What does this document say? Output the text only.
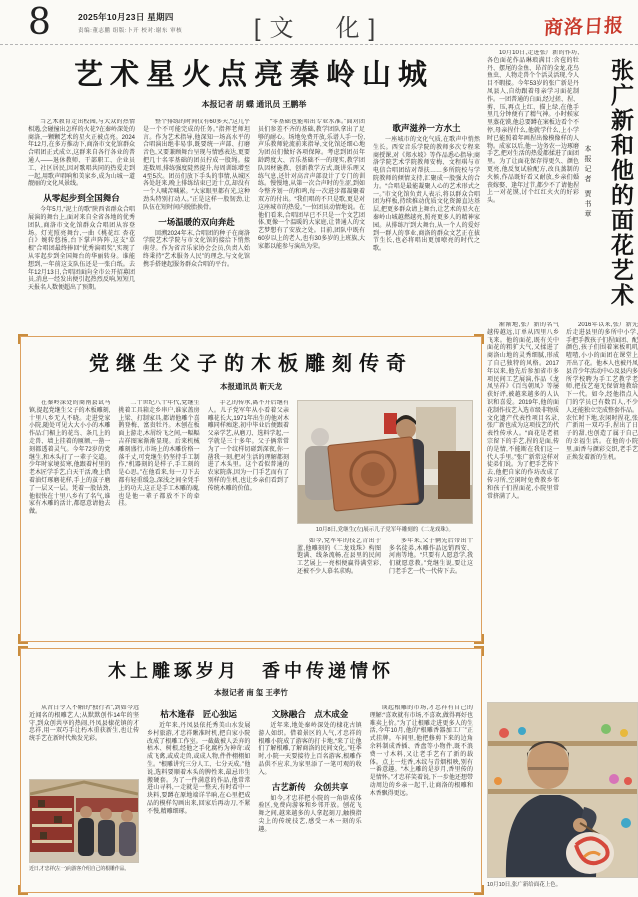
8	2025年10月23日 星期四
责编:董志鹏 组版:卜开 校对:谢东 审核	[文　化]	商洛日报
艺术星火点亮秦岭山城
本报记者 胡 蝶 通讯员 王鹏举

当艺术教育走出校园,与大众的热情相遇,会碰撞出怎样的火花?在秦岭深处的商洛,一颗颗艺术的星火正被点亮。2024年12月,在多方推动下,商洛市文化馆群众合唱团正式成立,这群来自各行各业的普通人——退休教师、干部职工、企业员工、社区居民,因对歌唱共同的热爱走到一起,用歌声唱响和美家乡,成为山城一道靓丽的文化风景线。

从零起步到全国舞台

今年5月,“泥土的歌”陕西省群众合唱展演的舞台上,面对来自全省各地的优秀团队,商洛市文化馆群众合唱团从容登场。灯光照亮舞台,一曲《桃花红 杏花白》婉转悠扬,台下掌声阵阵,这支“草根”合唱团最终捧回“优秀演唱奖”,实现了从零起步到全国舞台的华丽转身。谁能想到,一年前这支队伍还是一张白纸。去年12月13日,合唱团面向全市公开招募团员,消息一经发出便引起热烈反响,短短几天报名人数便超出了预期。

整个排练的时间仅有60多天,“这几乎是一个不可能完成的任务。”指挥老师坦言。作为艺术指导,他深知一场高水平的合唱演出绝非易事,既要统一声部、打磨音色,又要兼顾舞台呈现与情感表达,更要把几十名零基础的团员拧成一股绳。接连数周,排练强度陡然提升,每周训练增至4至5次。团员们放下手头的事情,从城区各处赶来,晚上排练结束已近十点,却没有一个人喊苦喊累。“大家眼里都有光,这种劲头特别打动人。”正是这样一股韧劲,让队伍在短时间内脱胎换骨。

一场温暖的双向奔赴

回溯2024年末,合唱团的种子在商洛学院艺术学院与市文化馆的接洽下悄然萌芽。作为省音乐家协会会员,负责人始终秉持“艺术服务人民”的理念,与文化馆携手搭建起服务群众合唱的平台。

“零基础也能唱出专业水准。”面对团员们参差不齐的基础,教学团队拿出了足够的耐心。场地免费开放,乐谱人手一份,声乐教师轮流前来指导,文化馆还细心地为团员们做好各项保障。考虑到团员年龄跨度大、音乐基础不一的现实,教学团队因材施教、创新教学方式,既讲乐理又练气息,还针对高音声部设计了专门的训练。慢慢地,从第一次合声时的生涩,到如今整齐划一的和鸣,每一次进步都凝聚着双方的付出。“我们唱的不只是歌,更是对这座城市的热爱。”一位团员动情地说。在他们看来,合唱团早已不只是一个文艺团体,更像一个温暖的大家庭,让普通人的文艺梦想有了安放之处。目前,团队中既有60岁以上的老人,也有30多岁的上班族,大家都以能参与演出为荣。

歌声滋养一方水土

一座城市的文化气质,在歌声中悄然生长。西安音乐学院的教师多次专程来商授课,对《郑水坡》等作品悉心指导;商洛学院艺术学院教师安梅、文程琪与市电信合唱团结对帮扶……多所院校与学院教师的倾情支持,汇聚成一股强大的合力。“合唱是最能凝聚人心的艺术形式之一。”市文化馆负责人表示,将以群众合唱团为样板,持续推动优质文化资源直达基层,把更多群众请上舞台,让艺术的星火在秦岭山城越燃越亮,照亮更多人的精神家园。从排练厅到大舞台,从一个人的爱好到一群人的事业,商洛的群众文艺正在拔节生长,也必将唱出更加嘹亮的时代之歌。

10月10日,走进张广新的作坊,各色面花作品琳琅满目:含苞的牡丹、摆尾的金鱼、昂首的金龙,花鸟鱼虫、人物走兽个个活灵活现,令人目不暇接。今年53岁的张广新是丹凤县人,自幼跟着母亲学习面花制作。一团普通的白面,经过搓、捏、剪、压,再点上红、描上绿,在他手里几分钟便有了精气神。小时候家里蒸花馍,他总要蹲在案板边看个不停,母亲捏什么,他就学什么,上小学时已能照着年画捏出像模像样的人物。成家以后,他一边务农一边琢磨手艺,把对生活的热爱都揉进了面团里。为了让面花保存得更久、颜色更亮,他反复试验配方,改良蒸制的火候,作品既好看又耐放,乡亲们婚丧嫁娶、逢年过节,都少不了请他捏上一对花馍,讨个红红火火的好彩头。	本报记者 贾书章 张广新和他的面花艺术

渐渐地,张广新的名气越传越远,订单从四里八乡飞来。他的面花,既有关中面花的粗犷大气,又揉进了商洛山地的灵秀细腻,形成了自己独特的风格。2017年以来,他先后参加省市多项民间工艺展演,作品《龙凤呈祥》《百鸟朝凤》等屡获好评,被越来越多的人认识和喜爱。2019年,他的面花制作技艺入选市级非物质文化遗产代表性项目名录,张广新也成为这项技艺的代表性传承人。“面花是老祖宗留下的手艺,捏的是面,传的是情,不能断在我们这一代人手里。”张广新常这样对徒弟们说。为了把手艺传下去,他把自家的作坊改成了传习所,空闲时免费教乡邻和孩子们捏面花,小院里常常挤满了人。

2016年以来,张广新先后走进县里的多所中小学,手把手教孩子们捏面团、配颜色,孩子们围着案板叽叽喳喳,小小的面团在课堂上开出了花。他本人也被丹凤县青少年活动中心及县内多所学校聘为手工艺教学老师,把技艺毫无保留地教给下一代。如今,经他指点入门的学员已有数百人,不少人还能独立完成整套作品。农忙时下地,农闲时捏花,张广新用一双巧手,捏出了日子的甜,也创造了属于自己的幸福生活。在他的小院里,面香与颜彩交织,老手艺正焕发着新的生机。

10月10日,张广新给面花上色。
党继生父子的木板雕刻传奇
本报通讯员 靳天龙

在秦岭深处的商南县试马镇,提起党继生父子的木板雕刻,十里八乡无人不晓。走进党家小院,随处可见大大小小的木雕作品:门楣上的花鸟、条几上的走兽、墙上挂着的匾额,一凿一刻都透着灵气。今年72岁的党继生,和木头打了一辈子交道。少年时家境贫寒,他跟着村里的老木匠学手艺,白天干活,晚上借着油灯琢磨花样,手上的茧子磨了一层又一层。凭着一股钻劲,他很快在十里八乡有了名气,谁家有木雕的活计,都愿意请他去做。

二十世纪八十年代,党继生挑着工具箱走乡串户,谁家盖房上梁、打制家具,都请他雕个喜鹊登梅、富贵牡丹。木刨在板面上游走,木屑纷飞之间,一幅幅吉祥图案渐渐显现。后来机械雕刻盛行,市场上的木雕价格一落千丈,可党继生仍坚持手工制作,“机器刻的是样子,手工刻的是心思。”在他看来,每一刀下去都有轻重缓急,深浅之间全凭手上的功夫,这正是手工木雕的魂,也是他一辈子都放不下的牵挂。

手艺的传承,离不开后继有人。儿子党军年从小看着父亲雕花长大,1971年出生的他对木雕同样痴迷,初中毕业后便跟着父亲学艺,从磨刀、选料学起,一学就是三十多年。父子俩常常为了一个纹样切磋到深夜,你一凿我一刻,把对生活的理解都刻进了木头里。这个看似普通的农家院落,因为一门手艺而有了别样的生机,也让乡亲们看到了传统木雕的价值。

10月8日,党继生(左)展示儿子党军年雕刻的《二龙戏珠》。

如今,党军年的技艺青出于蓝,他雕刻的《二龙戏珠》构图饱满、线条流畅,在县里的民间工艺展上一亮相便赢得满堂彩,还被不少人慕名求购。

多年来,父子俩先后带出十多名徒弟,木雕作品远销西安、河南等地。“只要有人愿意学,我们就愿意教。”党继生说,要让这门老手艺一代一代传下去。

木上雕琢岁月　香中传递情怀
本报记者 南 玺 王孝竹

从昔日令人不解的“独行者”,到如今远近闻名的根雕艺人;从默默创作14年的坚守,到众创共享的热闹,丹凤县棣花镇的才忠祥,用一双巧手让朽木重获新生,也让传统手艺在新时代焕发光彩。

近日,才忠祥(左一)向游客介绍自己的根雕作品。
枯木逢春　匠心独运

近年来,丹凤县依托秀美山水发展乡村旅游,才忠祥瞅准时机,把自家小院改成了根雕工作室。一截截被人丢弃的枯木、树根,经他之手化腐朽为神奇:或成飞禽,或成走兽,或成人物,件件栩栩如生。“根雕讲究三分人工、七分天成。”他说,选料要顺着木头的脾性来,最忌讳生搬硬套。为了一件满意的作品,他常常进山寻料,一走就是一整天,有时看中一块料,要蹲在原地端详半晌,在心里把成品的模样勾画出来,回家后再动刀,不紧不慢,精雕细琢。

文脉融合　点木成金

近年来,地处秦岭深处的棣花古镇游人如织。借着景区的人气,才忠祥的根雕小院成了游客的打卡地,“来了让他们了解根雕,了解商洛的民间文化。”旺季时,小院一天要接待上百名游客,根雕作品供不应求,为家里添了一笔可观的收入。

古艺新传　众创共享

如今,才忠祥把小院的一角辟成体验区,免费向游客和乡邻开放。刨花飞舞之间,越来越多的人拿起刻刀,触摸指尖上的传统技艺,感受一木一刻的乐趣。

谈起根雕的市场,才忠祥有自己的理解:“喜欢就有市场,不喜欢,做得再好也难卖上价。”为了让根雕走进更多人的生活,今年10月,他的“根雕香器加工厂”正式挂牌。车间里,他把修剪下来的边角余料制成香插、香盘等小物件,既不浪费一寸木料,又让老手艺有了新的载体。点上一炷香,木纹与青烟相映,别有一番意趣。“木上雕的是岁月,香里传的是情怀。”才忠祥笑着说,下一步他还想带动周边的乡亲一起干,让商洛的根雕和木香飘得更远。
